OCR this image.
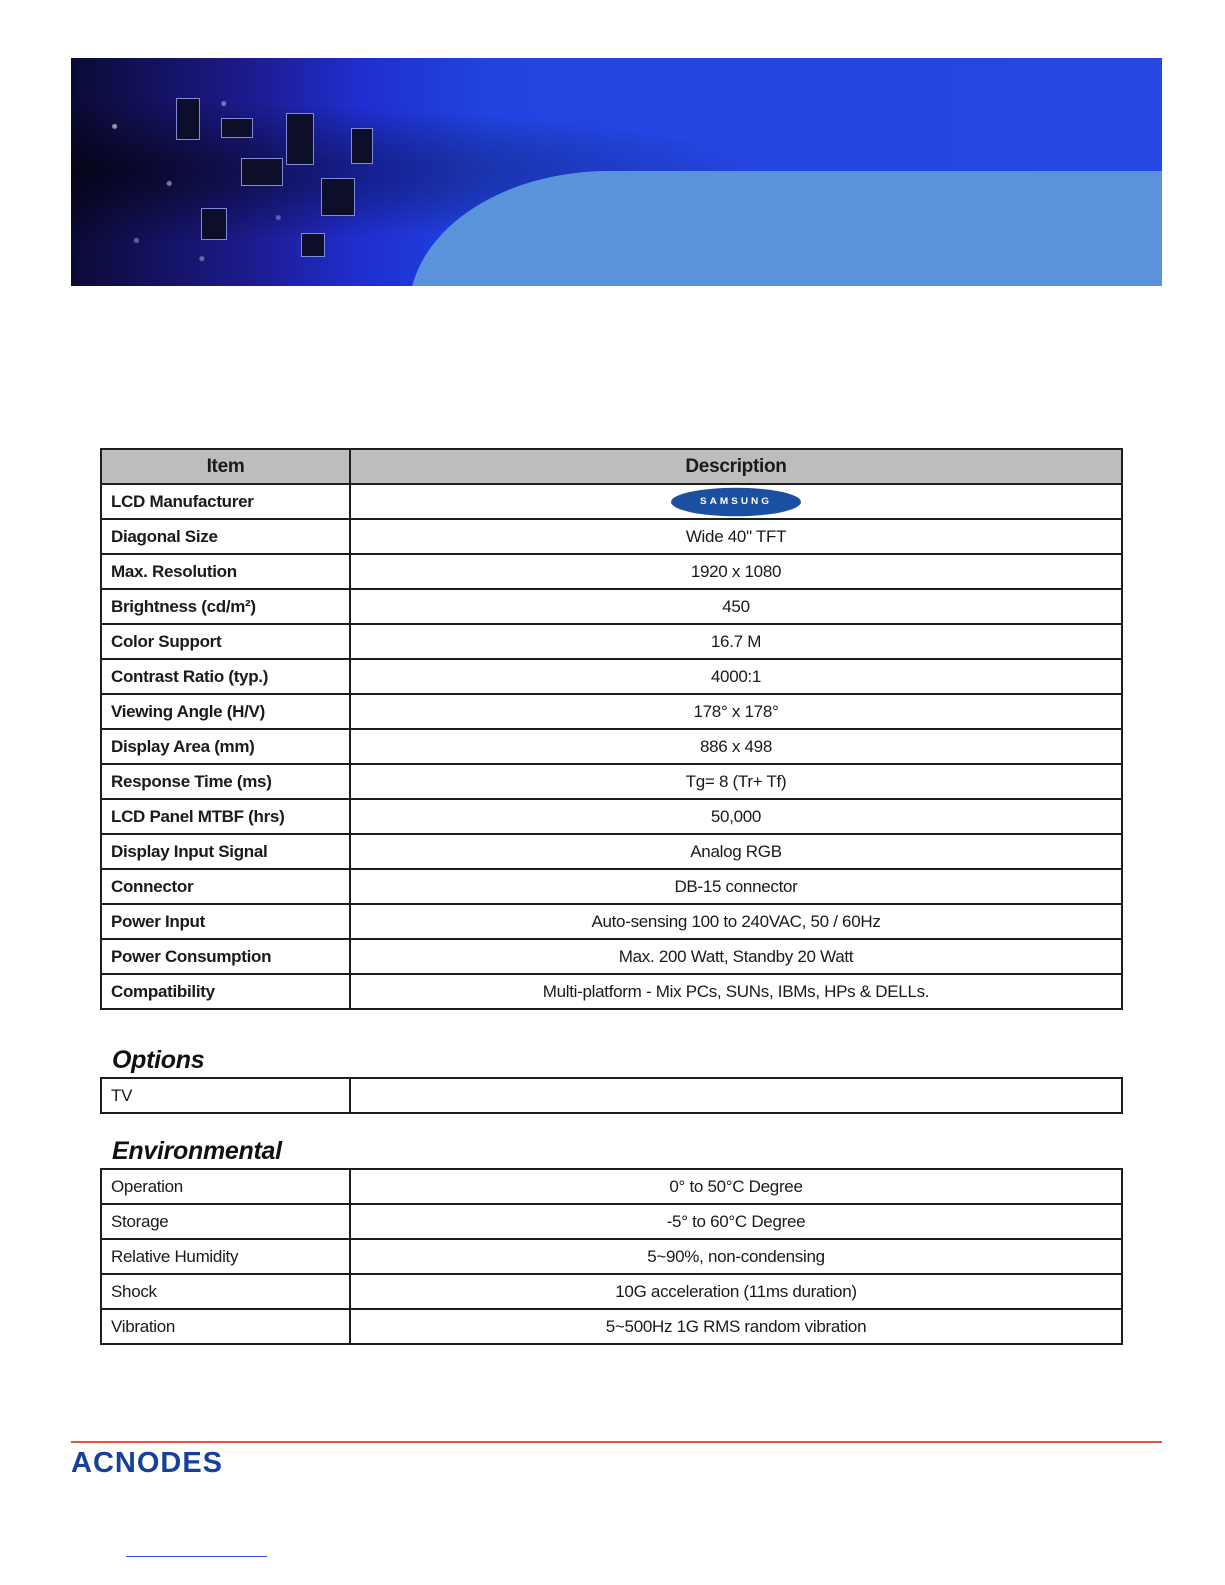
Item	Description
LCD Manufacturer	SAMSUNG
Diagonal Size	Wide 40" TFT
Max. Resolution	1920 x 1080
Brightness (cd/m²)	450
Color Support	16.7 M
Contrast Ratio (typ.)	4000:1
Viewing Angle (H/V)	178° x 178°
Display Area (mm)	886 x 498
Response Time (ms)	Tg= 8 (Tr+ Tf)
LCD Panel MTBF (hrs)	50,000
Display Input Signal	Analog RGB
Connector	DB-15 connector
Power Input	Auto-sensing 100 to 240VAC, 50 / 60Hz
Power Consumption	Max. 200 Watt, Standby 20 Watt
Compatibility	Multi-platform - Mix PCs, SUNs, IBMs, HPs & DELLs.
Options
TV	
Environmental
Operation	0° to 50°C Degree
Storage	-5° to 60°C Degree
Relative Humidity	5~90%, non-condensing
Shock	10G acceleration (11ms duration)
Vibration	5~500Hz 1G RMS random vibration
ACNODES
